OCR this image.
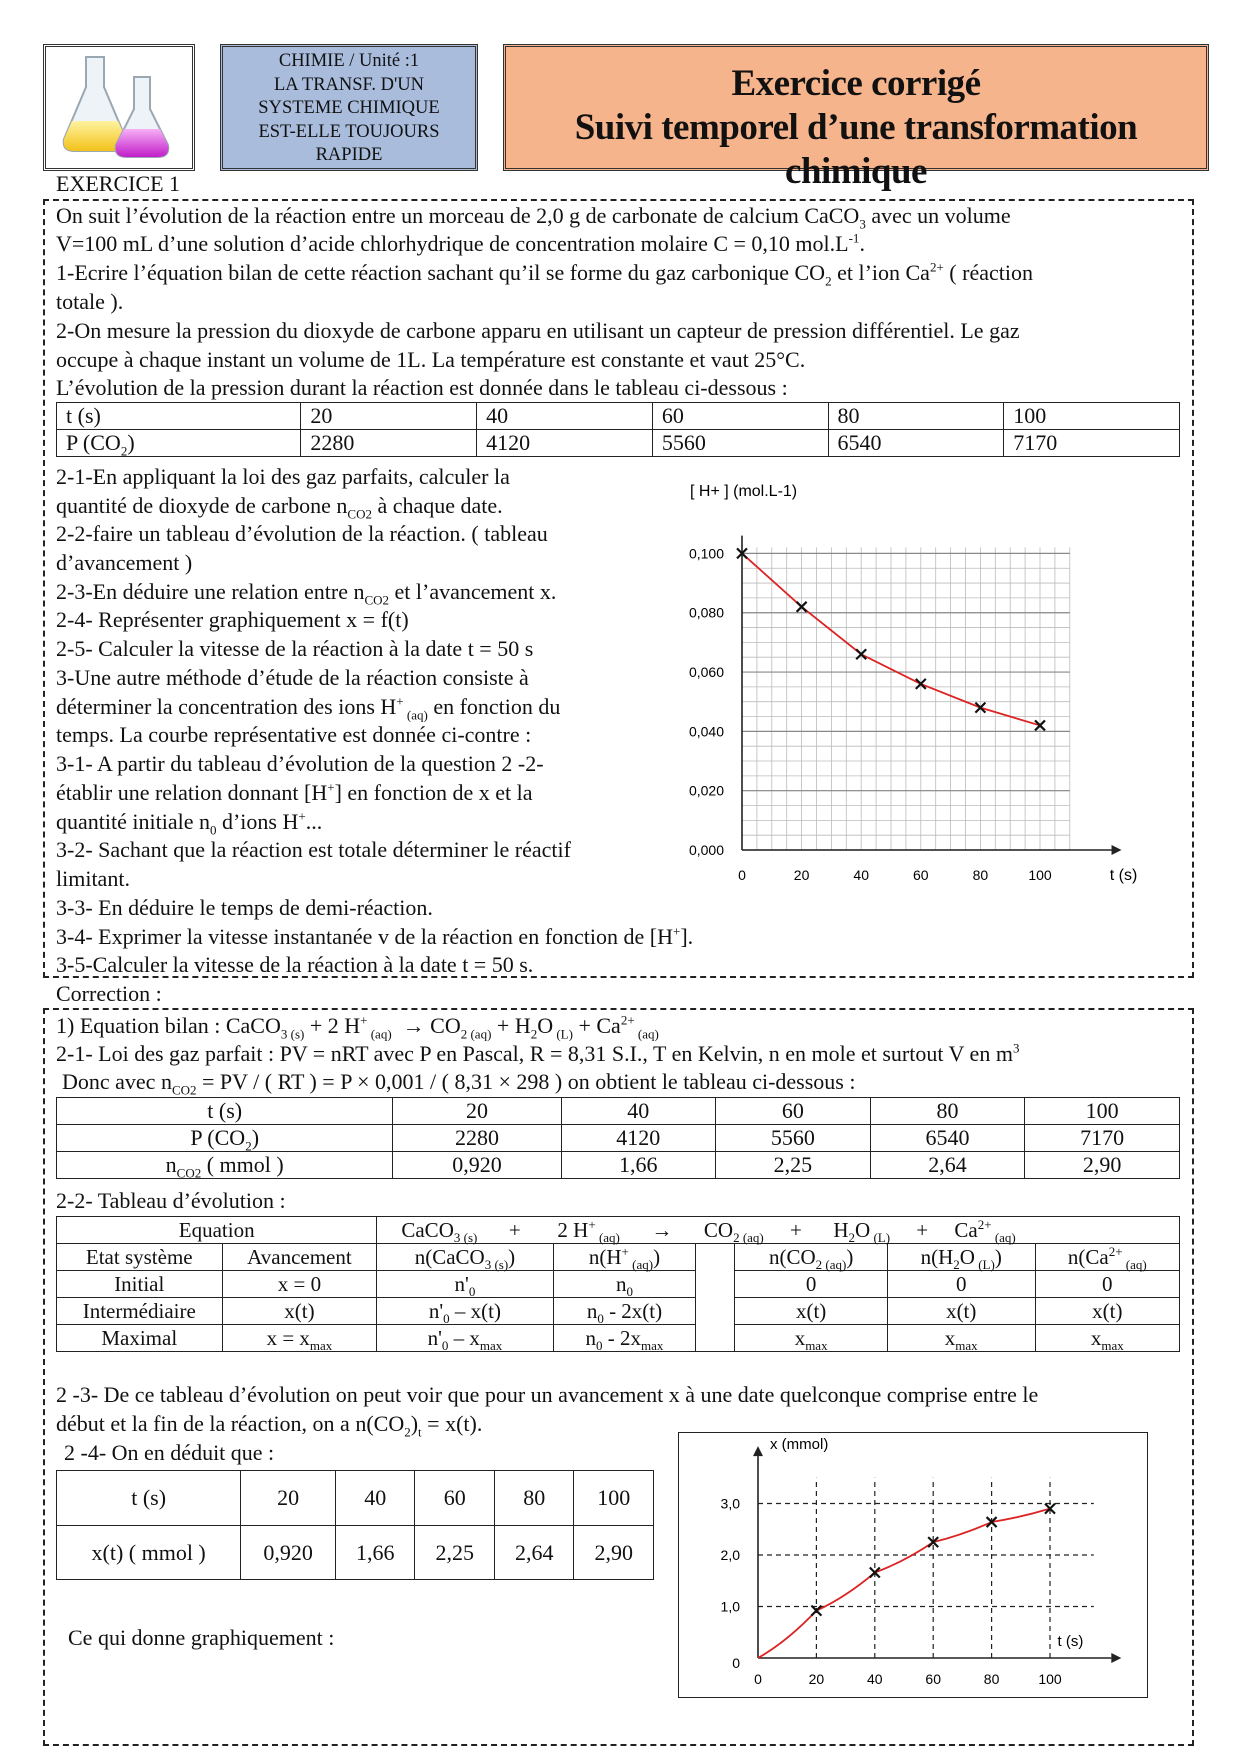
CHIMIE / Unité :1
LA TRANSF. D'UN
SYSTEME CHIMIQUE
EST-ELLE TOUJOURS
RAPIDE
Exercice corrigé
Suivi temporel d’une transformation chimique

EXERCICE 1

On suit l’évolution de la réaction entre un morceau de 2,0 g de carbonate de calcium CaCO$_3$ avec un volume

V=100 mL d’une solution d’acide chlorhydrique de concentration molaire C = 0,10 $mol.L^{-1}$.

1-Ecrire l’équation bilan de cette réaction sachant qu’il se forme du gaz carbonique $CO_2$ et l’ion $Ca^{2+}$ ( réaction

totale ).

2-On mesure la pression du dioxyde de carbone apparu en utilisant un capteur de pression différentiel. Le gaz

occupe à chaque instant un volume de 1L. La température est constante et vaut 25°C.

L’évolution de la pression durant la réaction est donnée dans le tableau ci-dessous :

t (s)	20	40	60	80	100
P $(CO_2)$	2280	4120	5560	6540	7170

2-1-En appliquant la loi des gaz parfaits, calculer la

quantité de dioxyde de carbone $n_{CO2}$ à chaque date.

2-2-faire un tableau d’évolution de la réaction. ( tableau

d’avancement )

2-3-En déduire une relation entre $n_{CO2}$ et l’avancement x.

2-4- Représenter graphiquement x = f(t)

2-5- Calculer la vitesse de la réaction à la date t = 50 s

3-Une autre méthode d’étude de la réaction consiste à

déterminer la concentration des ions H+ $_{(aq)}$ en fonction du

temps. La courbe représentative est donnée ci-contre :

3-1- A partir du tableau d’évolution de la question 2 -2-

établir une relation donnant [H+] en fonction de x et la

quantité initiale $n_0$ d’ions H+...

3-2- Sachant que la réaction est totale déterminer le réactif

limitant.

3-3- En déduire le temps de demi-réaction.

3-4- Exprimer la vitesse instantanée v de la réaction en fonction de [H+].

3-5-Calculer la vitesse de la réaction à la date t = 50 s.

0	20	40	60	80	100
0,000
0,020
0,040
0,060
0,080
0,100
t (s)
[ H+ ] (mol.L-1)

Correction :

1) Equation bilan : CaCO$_{3 (s)}$ + 2 H+ $_{(aq)} \to CO_{2 (aq)} + H_2O$ $_{(L)} + Ca^{2+}$ $_{(aq)}$

2-1- Loi des gaz parfait : PV = nRT avec P en Pascal, R = 8,31 S.I., T en Kelvin, n en mole et surtout V en $m^3$

Donc avec $n_{CO2}$ = PV / ( RT ) = P × 0,001 / ( 8,31 × 298 ) on obtient le tableau ci-dessous :

t (s)	20	40	60	80	100
P $(CO_2)$	2280	4120	5560	6540	7170
$n_{CO2}$ ( mmol )	0,920	1,66	2,25	2,64	2,90

2-2- Tableau d’évolution :

Equation		CaCO$_{3 (s)}$      +       2 H+ $_{(aq)}$      →      $CO_{2 (aq)}$     +      $H_2O$ $_{(L)}$     +     $Ca^{2+}$ $_{(aq)}$
Etat système	Avancement	n(CaCO$_{3 (s)}$)	n(H+ $_{(aq)}$)		$n(CO_{2 (aq)})$	$n(H_2O$ $_{(L)}$)	$n(Ca^{2+}$ $_{(aq)}$
Initial	x = 0	$n'_0$	$n_0$		0	0	0
Intermédiaire	x(t)	$n'_0 - x(t)$	$n_0 - 2x(t)$		x(t)	x(t)	x(t)
Maximal	$x = x_{max}$	$n'_0 - x_{max}$	$n_0 - 2x_{max}$		$x_{max}$	$x_{max}$	$x_{max}$

2 -3- De ce tableau d’évolution on peut voir que pour un avancement x à une date quelconque comprise entre le

début et la fin de la réaction, on a $n(CO_2)_t = x(t)$.

2 -4- On en déduit que :

t (s)	20	40	60	80	100
x(t) ( mmol )	0,920	1,66	2,25	2,64	2,90

Ce qui donne graphiquement :

0	20	40	60	80	100
0
1,0
2,0
3,0
t (s)
x (mmol)
